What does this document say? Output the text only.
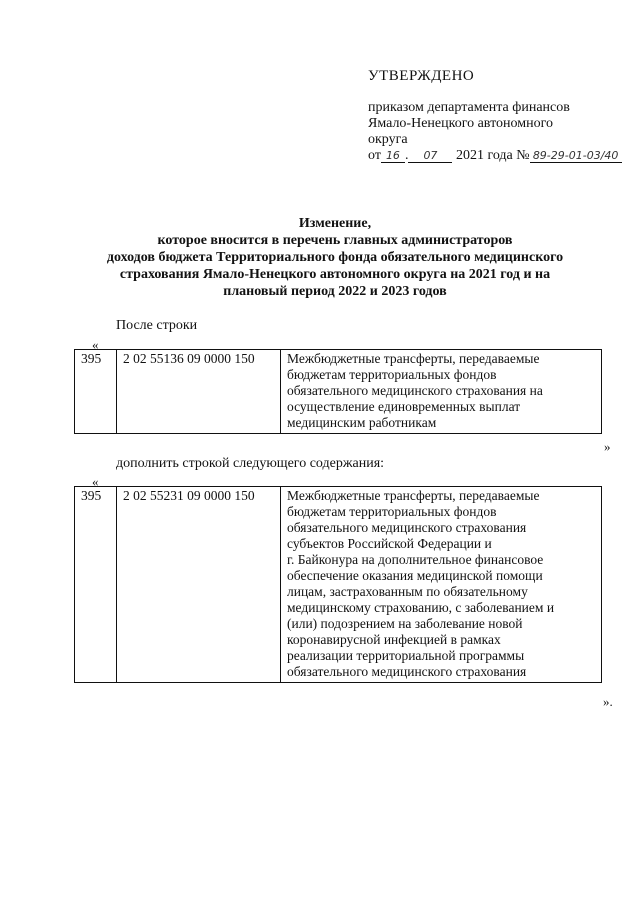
УТВЕРЖДЕНО
приказом департамента финансов
Ямало-Ненецкого автономного
округа
от 16 . 07 2021 года № 89-29-01-03/40
Изменение,
которое вносится в перечень главных администраторов
доходов бюджета Территориального фонда обязательного медицинского
страхования Ямало-Ненецкого автономного округа на 2021 год и на
плановый период 2022 и 2023 годов
После строки
«
395	2 02 55136 09 0000 150	Межбюджетные трансферты, передаваемые
бюджетам территориальных фондов
обязательного медицинского страхования на
осуществление единовременных выплат
медицинским работникам
»
дополнить строкой следующего содержания:
«
395	2 02 55231 09 0000 150	Межбюджетные трансферты, передаваемые
бюджетам территориальных фондов
обязательного медицинского страхования
субъектов Российской Федерации и
г. Байконура на дополнительное финансовое
обеспечение оказания медицинской помощи
лицам, застрахованным по обязательному
медицинскому страхованию, с заболеванием и
(или) подозрением на заболевание новой
коронавирусной инфекцией в рамках
реализации территориальной программы
обязательного медицинского страхования
».
